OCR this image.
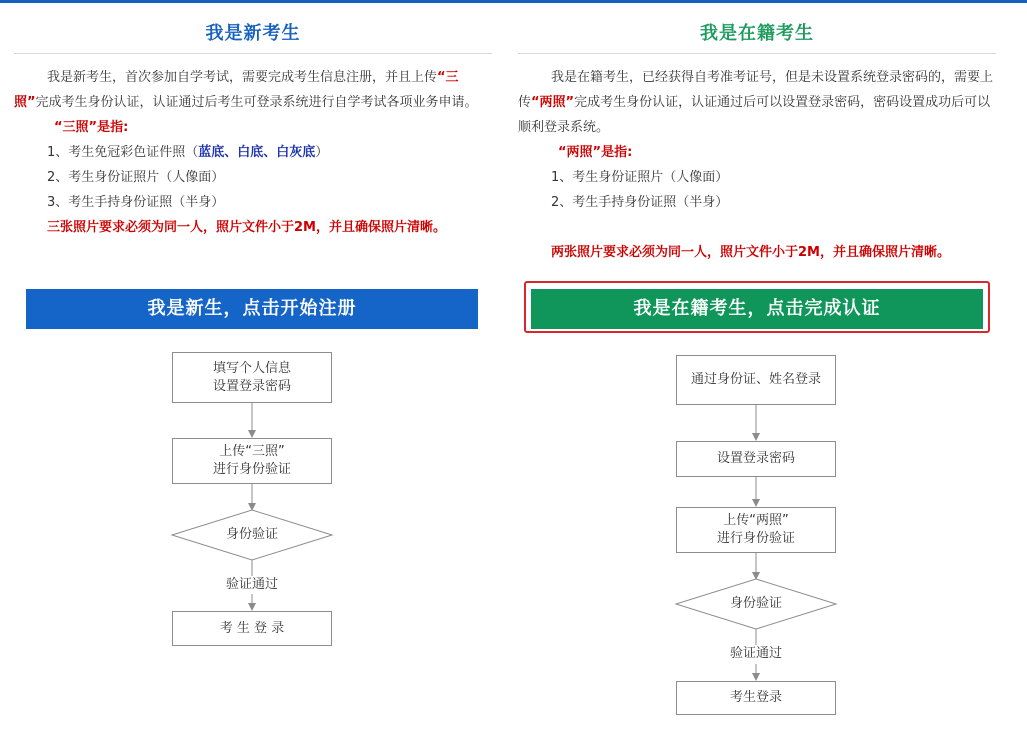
我是新考生
我是新考生，首次参加自学考试，需要完成考生信息注册，并且上传“三照”完成考生身份认证，认证通过后考生可登录系统进行自学考试各项业务申请。
“三照”是指:
1、考生免冠彩色证件照（蓝底、白底、白灰底）
2、考生身份证照片（人像面）
3、考生手持身份证照（半身）
三张照片要求必须为同一人，照片文件小于2M，并且确保照片清晰。
我是在籍考生
我是在籍考生，已经获得自考准考证号，但是未设置系统登录密码的，需要上传“两照”完成考生身份认证，认证通过后可以设置登录密码，密码设置成功后可以顺利登录系统。
“两照”是指:
1、考生身份证照片（人像面）
2、考生手持身份证照（半身）
两张照片要求必须为同一人，照片文件小于2M，并且确保照片清晰。
我是新生，点击开始注册	我是在籍考生，点击完成认证
填写个人信息
设置登录密码
上传“三照”
进行身份验证
身份验证
验证通过
考 生 登 录
通过身份证、姓名登录
设置登录密码
上传“两照”
进行身份验证
身份验证
验证通过
考生登录
